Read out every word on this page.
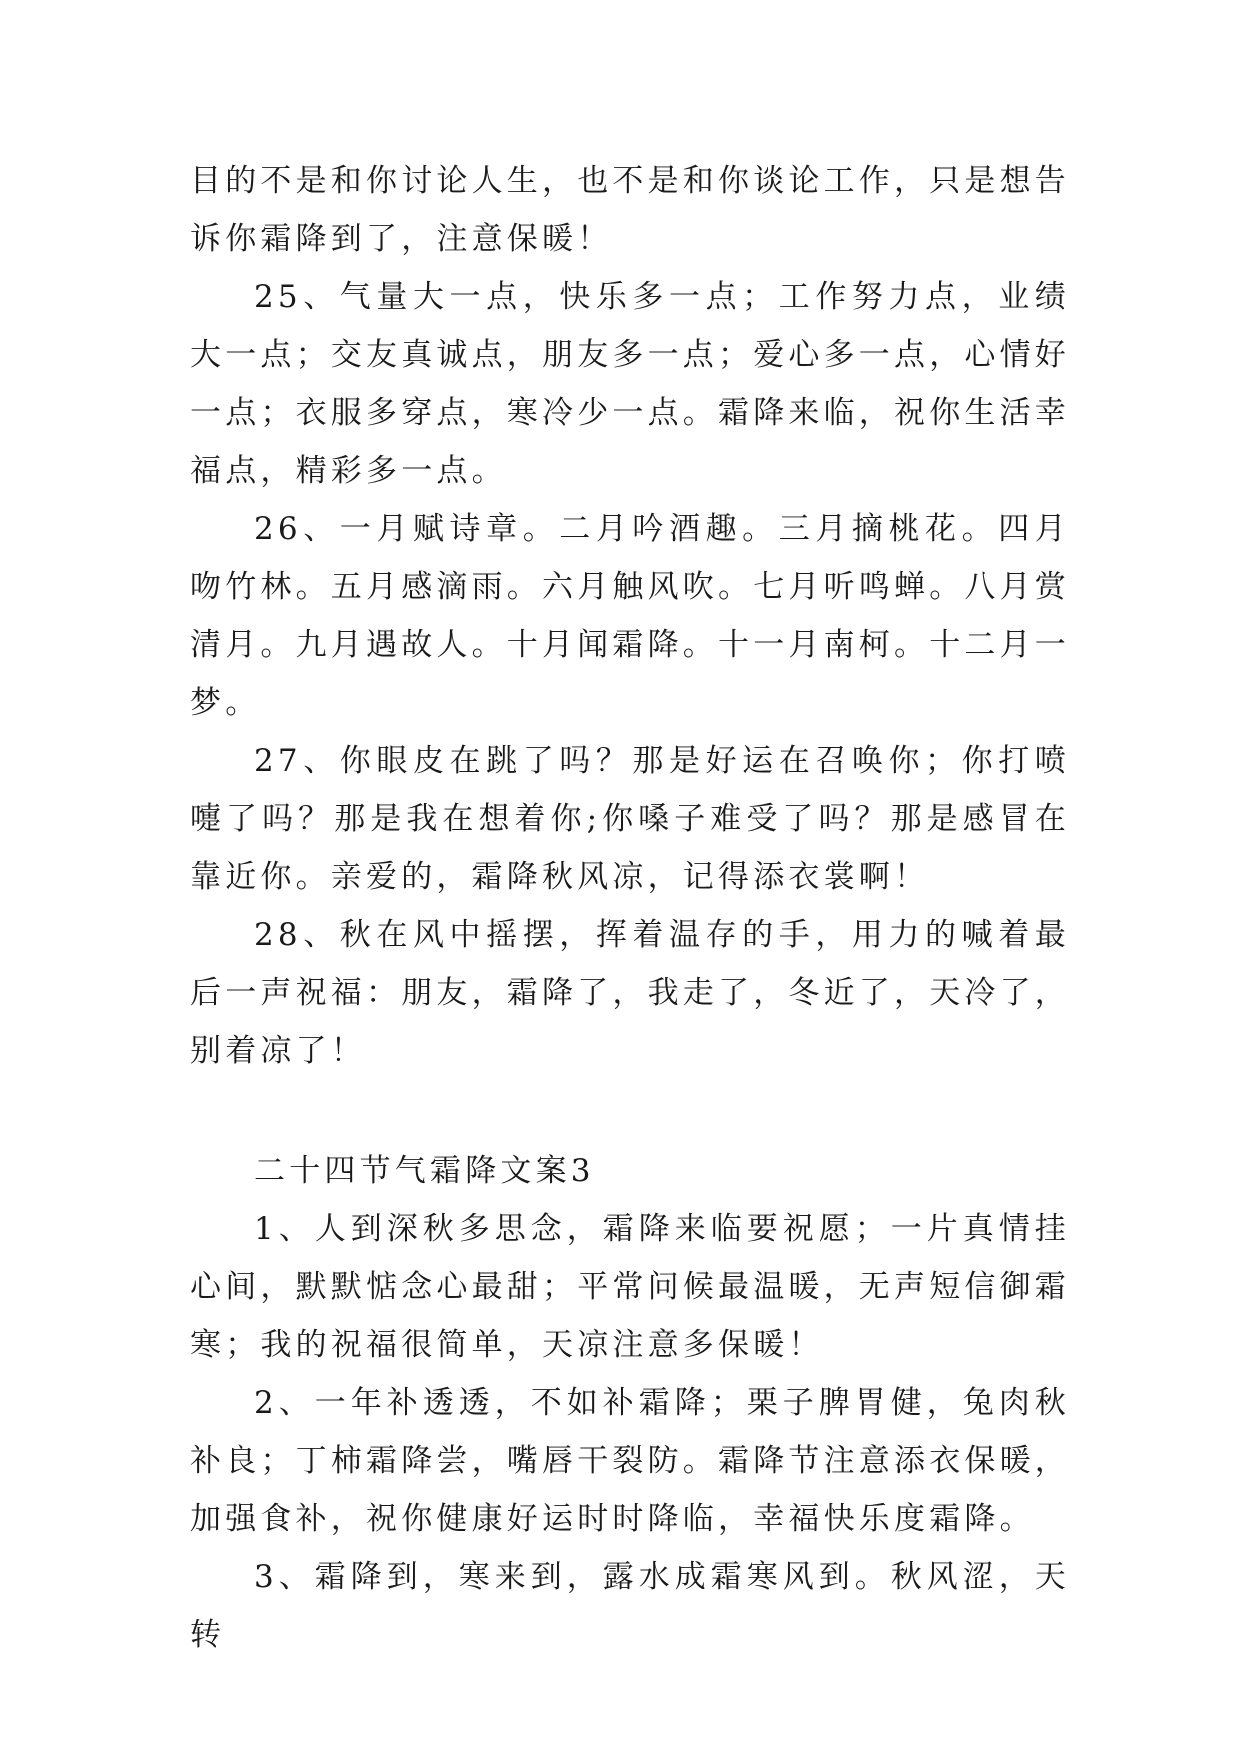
目的不是和你讨论人生，也不是和你谈论工作，只是想告诉你霜降到了，注意保暖！

25、气量大一点，快乐多一点；工作努力点，业绩大一点；交友真诚点，朋友多一点；爱心多一点，心情好一点；衣服多穿点，寒冷少一点。霜降来临，祝你生活幸福点，精彩多一点。

26、一月赋诗章。二月吟酒趣。三月摘桃花。四月吻竹林。五月感滴雨。六月触风吹。七月听鸣蝉。八月赏清月。九月遇故人。十月闻霜降。十一月南柯。十二月一梦。

27、你眼皮在跳了吗？那是好运在召唤你；你打喷嚏了吗？那是我在想着你;你嗓子难受了吗？那是感冒在靠近你。亲爱的，霜降秋风凉，记得添衣裳啊！

28、秋在风中摇摆，挥着温存的手，用力的喊着最后一声祝福：朋友，霜降了，我走了，冬近了，天冷了，别着凉了！

二十四节气霜降文案3

1、人到深秋多思念，霜降来临要祝愿；一片真情挂心间，默默惦念心最甜；平常问候最温暖，无声短信御霜寒；我的祝福很简单，天凉注意多保暖！

2、一年补透透，不如补霜降；栗子脾胃健，兔肉秋补良；丁柿霜降尝，嘴唇干裂防。霜降节注意添衣保暖，加强食补，祝你健康好运时时降临，幸福快乐度霜降。

3、霜降到，寒来到，露水成霜寒风到。秋风涩，天转
